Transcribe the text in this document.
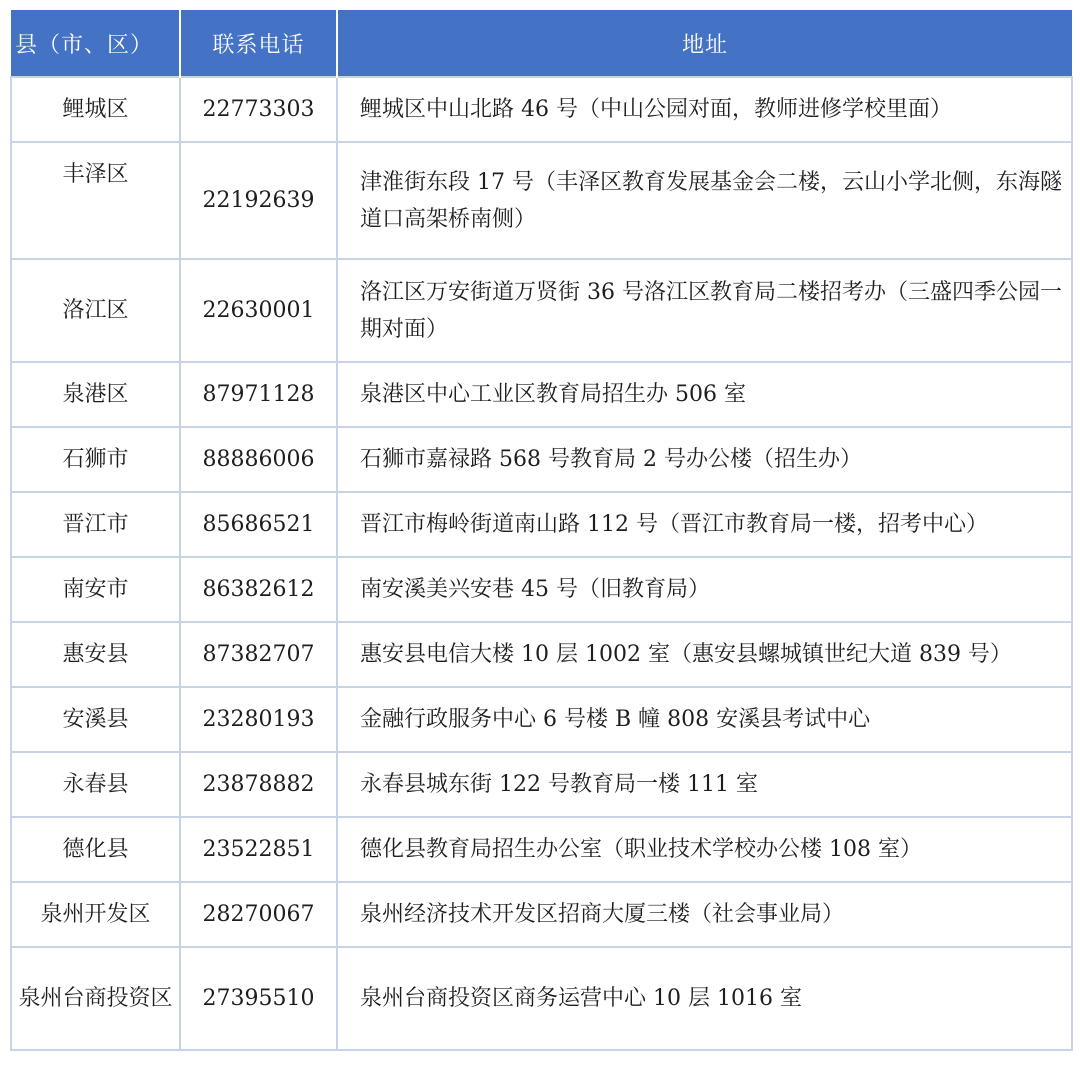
县（市、区）	联系电话	地址
鲤城区	22773303	鲤城区中山北路 46 号（中山公园对面，教师进修学校里面）
丰泽区	22192639	津淮街东段 17 号（丰泽区教育发展基金会二楼，云山小学北侧，东海隧道口高架桥南侧）
洛江区	22630001	洛江区万安街道万贤街 36 号洛江区教育局二楼招考办（三盛四季公园一期对面）
泉港区	87971128	泉港区中心工业区教育局招生办 506 室
石狮市	88886006	石狮市嘉禄路 568 号教育局 2 号办公楼（招生办）
晋江市	85686521	晋江市梅岭街道南山路 112 号（晋江市教育局一楼，招考中心）
南安市	86382612	南安溪美兴安巷 45 号（旧教育局）
惠安县	87382707	惠安县电信大楼 10 层 1002 室（惠安县螺城镇世纪大道 839 号）
安溪县	23280193	金融行政服务中心 6 号楼 B 幢 808 安溪县考试中心
永春县	23878882	永春县城东街 122 号教育局一楼 111 室
德化县	23522851	德化县教育局招生办公室（职业技术学校办公楼 108 室）
泉州开发区	28270067	泉州经济技术开发区招商大厦三楼（社会事业局）
泉州台商投资区	27395510	泉州台商投资区商务运营中心 10 层 1016 室
